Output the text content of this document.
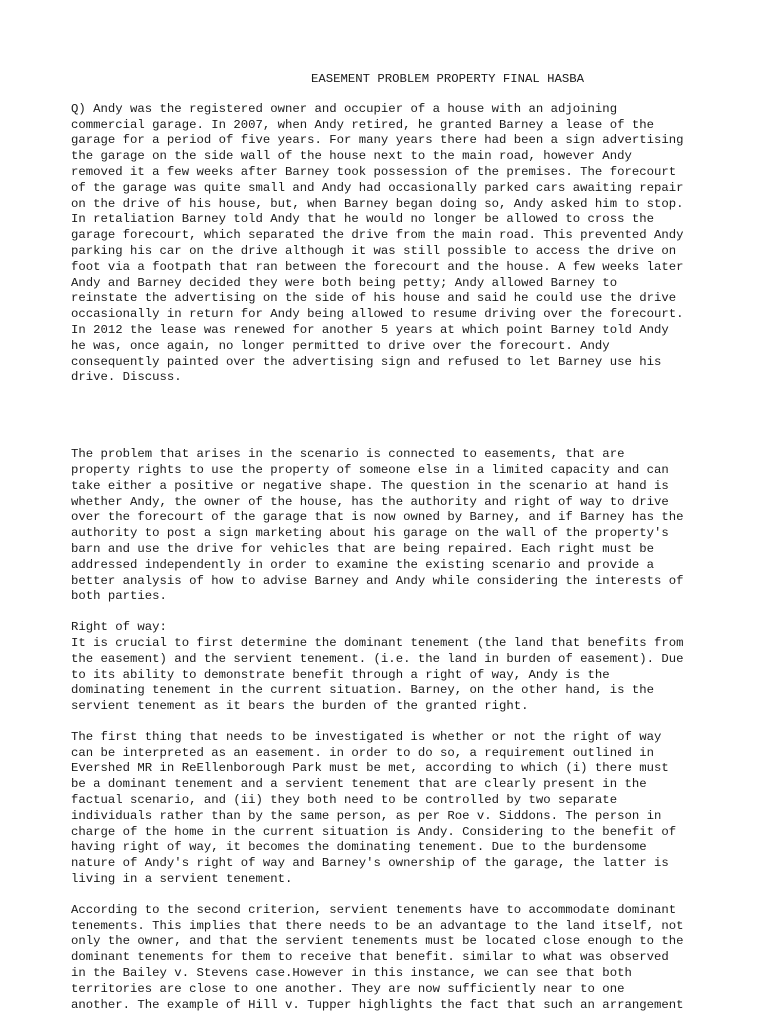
EASEMENT PROBLEM PROPERTY FINAL HASBA
Q) Andy was the registered owner and occupier of a house with an adjoining
commercial garage. In 2007, when Andy retired, he granted Barney a lease of the
garage for a period of five years. For many years there had been a sign advertising
the garage on the side wall of the house next to the main road, however Andy
removed it a few weeks after Barney took possession of the premises. The forecourt
of the garage was quite small and Andy had occasionally parked cars awaiting repair
on the drive of his house, but, when Barney began doing so, Andy asked him to stop.
In retaliation Barney told Andy that he would no longer be allowed to cross the
garage forecourt, which separated the drive from the main road. This prevented Andy
parking his car on the drive although it was still possible to access the drive on
foot via a footpath that ran between the forecourt and the house. A few weeks later
Andy and Barney decided they were both being petty; Andy allowed Barney to
reinstate the advertising on the side of his house and said he could use the drive
occasionally in return for Andy being allowed to resume driving over the forecourt.
In 2012 the lease was renewed for another 5 years at which point Barney told Andy
he was, once again, no longer permitted to drive over the forecourt. Andy
consequently painted over the advertising sign and refused to let Barney use his
drive. Discuss.
The problem that arises in the scenario is connected to easements, that are
property rights to use the property of someone else in a limited capacity and can
take either a positive or negative shape. The question in the scenario at hand is
whether Andy, the owner of the house, has the authority and right of way to drive
over the forecourt of the garage that is now owned by Barney, and if Barney has the
authority to post a sign marketing about his garage on the wall of the property's
barn and use the drive for vehicles that are being repaired. Each right must be
addressed independently in order to examine the existing scenario and provide a
better analysis of how to advise Barney and Andy while considering the interests of
both parties.
Right of way:
It is crucial to first determine the dominant tenement (the land that benefits from
the easement) and the servient tenement. (i.e. the land in burden of easement). Due
to its ability to demonstrate benefit through a right of way, Andy is the
dominating tenement in the current situation. Barney, on the other hand, is the
servient tenement as it bears the burden of the granted right.
The first thing that needs to be investigated is whether or not the right of way
can be interpreted as an easement. in order to do so, a requirement outlined in
Evershed MR in ReEllenborough Park must be met, according to which (i) there must
be a dominant tenement and a servient tenement that are clearly present in the
factual scenario, and (ii) they both need to be controlled by two separate
individuals rather than by the same person, as per Roe v. Siddons. The person in
charge of the home in the current situation is Andy. Considering to the benefit of
having right of way, it becomes the dominating tenement. Due to the burdensome
nature of Andy's right of way and Barney's ownership of the garage, the latter is
living in a servient tenement.
According to the second criterion, servient tenements have to accommodate dominant
tenements. This implies that there needs to be an advantage to the land itself, not
only the owner, and that the servient tenements must be located close enough to the
dominant tenements for them to receive that benefit. similar to what was observed
in the Bailey v. Stevens case.However in this instance, we can see that both
territories are close to one another. They are now sufficiently near to one
another. The example of Hill v. Tupper highlights the fact that such an arrangement
